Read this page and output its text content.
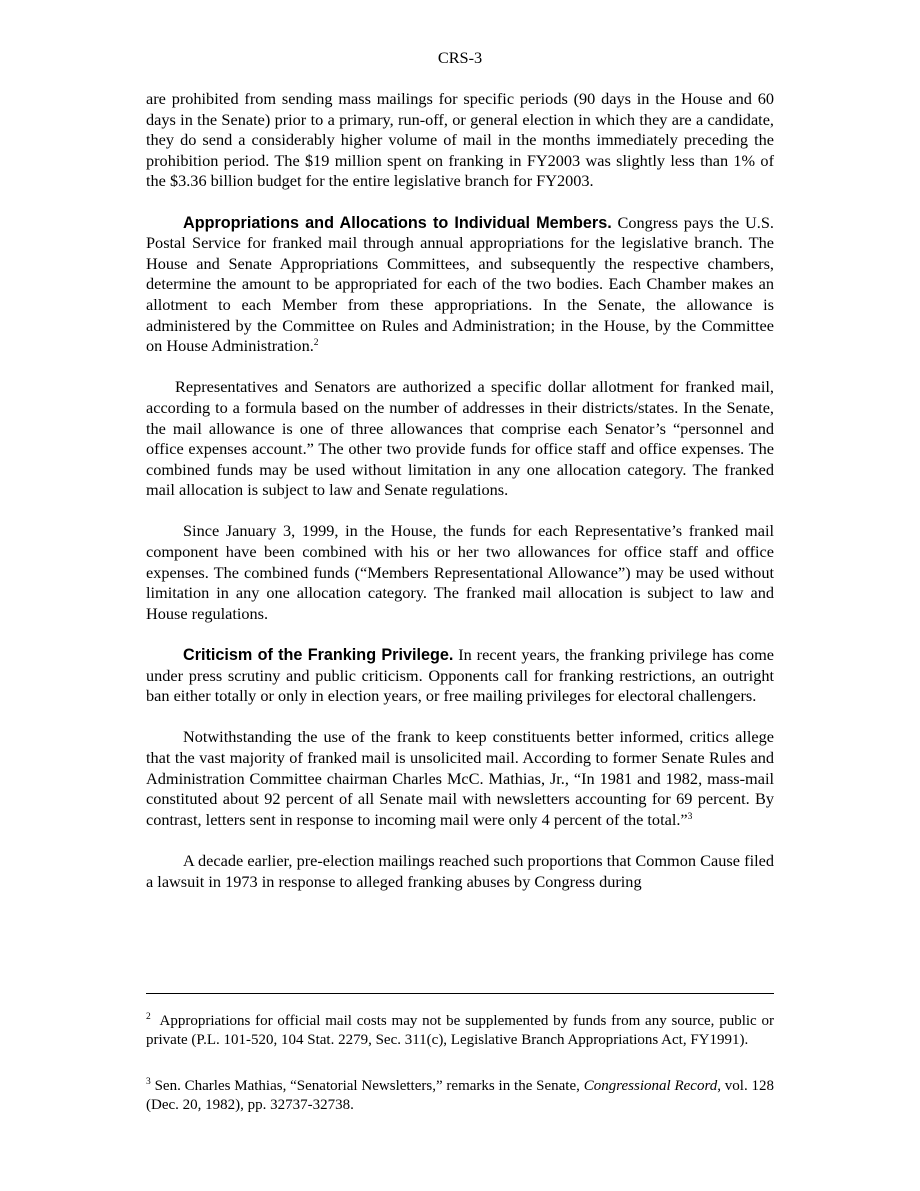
CRS-3

are prohibited from sending mass mailings for specific periods (90 days in the House and 60 days in the Senate) prior to a primary, run-off, or general election in which they are a candidate, they do send a considerably higher volume of mail in the months immediately preceding the prohibition period. The $19 million spent on franking in FY2003 was slightly less than 1% of the $3.36 billion budget for the entire legislative branch for FY2003.

Appropriations and Allocations to Individual Members. Congress pays the U.S. Postal Service for franked mail through annual appropriations for the legislative branch. The House and Senate Appropriations Committees, and subsequently the respective chambers, determine the amount to be appropriated for each of the two bodies. Each Chamber makes an allotment to each Member from these appropriations. In the Senate, the allowance is administered by the Committee on Rules and Administration; in the House, by the Committee on House Administration.$^2$

Representatives and Senators are authorized a specific dollar allotment for franked mail, according to a formula based on the number of addresses in their districts/states. In the Senate, the mail allowance is one of three allowances that comprise each Senator’s “personnel and office expenses account.” The other two provide funds for office staff and office expenses. The combined funds may be used without limitation in any one allocation category. The franked mail allocation is subject to law and Senate regulations.

Since January 3, 1999, in the House, the funds for each Representative’s franked mail component have been combined with his or her two allowances for office staff and office expenses. The combined funds (“Members Representational Allowance”) may be used without limitation in any one allocation category. The franked mail allocation is subject to law and House regulations.

Criticism of the Franking Privilege. In recent years, the franking privilege has come under press scrutiny and public criticism. Opponents call for franking restrictions, an outright ban either totally or only in election years, or free mailing privileges for electoral challengers.

Notwithstanding the use of the frank to keep constituents better informed, critics allege that the vast majority of franked mail is unsolicited mail. According to former Senate Rules and Administration Committee chairman Charles McC. Mathias, Jr., “In 1981 and 1982, mass-mail constituted about 92 percent of all Senate mail with newsletters accounting for 69 percent. By contrast, letters sent in response to incoming mail were only 4 percent of the total.”$^3$

A decade earlier, pre-election mailings reached such proportions that Common Cause filed a lawsuit in 1973 in response to alleged franking abuses by Congress during

$^2$ Appropriations for official mail costs may not be supplemented by funds from any source, public or private (P.L. 101-520, 104 Stat. 2279, Sec. 311(c), Legislative Branch Appropriations Act, FY1991).
$^3$ Sen. Charles Mathias, “Senatorial Newsletters,” remarks in the Senate, Congressional Record, vol. 128 (Dec. 20, 1982), pp. 32737-32738.
